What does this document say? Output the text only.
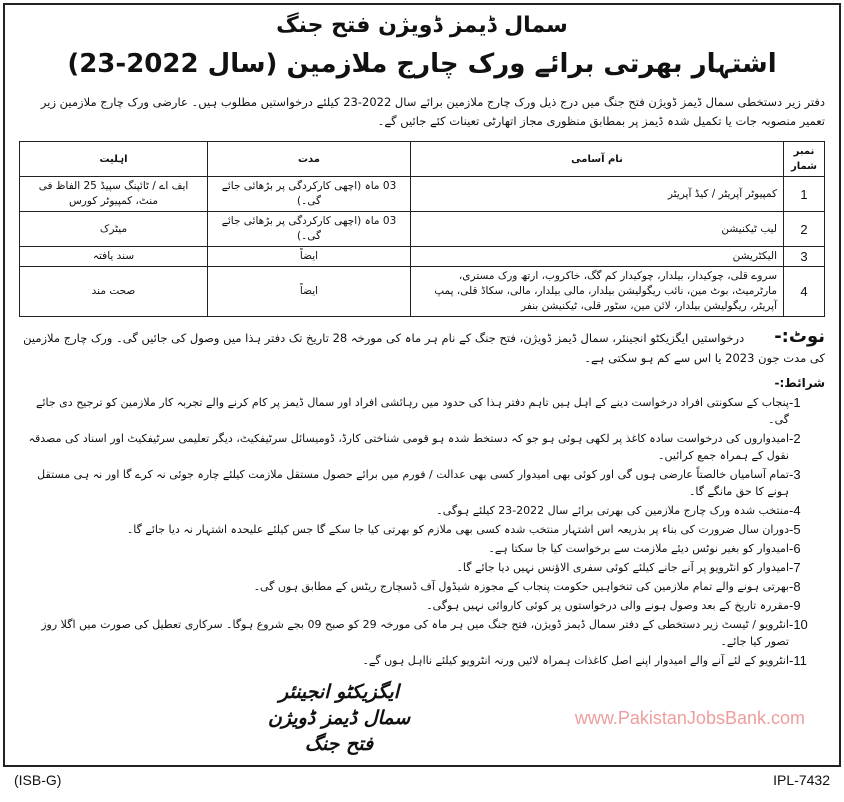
سمال ڈیمز ڈویژن فتح جنگ
اشتہار بھرتی برائے ورک چارج ملازمین (سال 2022-23)
دفتر زیر دستخطی سمال ڈیمز ڈویژن فتح جنگ میں درج ذیل ورک چارج ملازمین برائے سال 2022-23 کیلئے درخواستیں مطلوب ہیں۔ عارضی ورک چارج ملازمین زیر تعمیر منصوبہ جات یا تکمیل شدہ ڈیمز پر بمطابق منظوری مجاز اتھارٹی تعینات کئے جائیں گے۔
نمبر شمار	نام آسامی	مدت	اہلیت
1	کمپیوٹر آپریٹر / کیڈ آپریٹر	03 ماہ (اچھی کارکردگی پر بڑھائی جائے گی۔)	ایف اے / ٹائپنگ سپیڈ 25 الفاظ فی منٹ، کمپیوٹر کورس
2	لیب ٹیکنیشن	03 ماہ (اچھی کارکردگی پر بڑھائی جائے گی۔)	میٹرک
3	الیکٹریشن	ایضاً	سند یافتہ
4	سروے قلی، چوکیدار، بیلدار، چوکیدار کم گگ، خاکروب، ارتھ ورک مستری، مارٹرمیٹ، بوٹ مین، نائب ریگولیشن بیلدار، مالی بیلدار، مالی، سکاڈ قلی، پمپ آپریٹر، ریگولیشن بیلدار، لائن مین، سٹور قلی، ٹیکنیشن بنفر	ایضاً	صحت مند
نوٹ:-درخواستیں ایگزیکٹو انجینئر، سمال ڈیمز ڈویژن، فتح جنگ کے نام ہر ماہ کی مورخہ 28 تاریخ تک دفتر ہذا میں وصول کی جائیں گی۔ ورک چارج ملازمین کی مدت جون 2023 یا اس سے کم ہو سکتی ہے۔
شرائط:-
-1
پنجاب کے سکونتی افراد درخواست دینے کے اہل ہیں تاہم دفتر ہذا کی حدود میں رہائشی افراد اور سمال ڈیمز پر کام کرنے والے تجربہ کار ملازمین کو ترجیح دی جائے گی۔
-2
امیدواروں کی درخواست سادہ کاغذ پر لکھی ہوئی ہو جو کہ دستخط شدہ ہو قومی شناختی کارڈ، ڈومیسائل سرٹیفکیٹ، دیگر تعلیمی سرٹیفکیٹ اور اسناد کی مصدقہ نقول کے ہمراہ جمع کرائیں۔
-3
تمام آسامیاں خالصتاً عارضی ہوں گی اور کوئی بھی امیدوار کسی بھی عدالت / فورم میں برائے حصول مستقل ملازمت کیلئے چارہ جوئی نہ کرے گا اور نہ ہی مستقل ہونے کا حق مانگے گا۔
-4
منتخب شدہ ورک چارج ملازمین کی بھرتی برائے سال 2022-23 کیلئے ہوگی۔
-5
دوران سال ضرورت کی بناء پر بذریعہ اس اشتہار منتخب شدہ کسی بھی ملازم کو بھرتی کیا جا سکے گا جس کیلئے علیحدہ اشتہار نہ دیا جائے گا۔
-6
امیدوار کو بغیر نوٹس دیئے ملازمت سے برخواست کیا جا سکتا ہے۔
-7
امیدوار کو انٹرویو پر آنے جانے کیلئے کوئی سفری الاؤنس نہیں دیا جائے گا۔
-8
بھرتی ہونے والے تمام ملازمین کی تنخواہیں حکومت پنجاب کے مجوزہ شیڈول آف ڈسچارج ریٹس کے مطابق ہوں گی۔
-9
مقررہ تاریخ کے بعد وصول ہونے والی درخواستوں پر کوئی کاروائی نہیں ہوگی۔
-10
انٹرویو / ٹیسٹ زیر دستخطی کے دفتر سمال ڈیمز ڈویژن، فتح جنگ میں ہر ماہ کی مورخہ 29 کو صبح 09 بجے شروع ہوگا۔ سرکاری تعطیل کی صورت میں اگلا روز تصور کیا جائے۔
-11
انٹرویو کے لئے آنے والے امیدوار اپنے اصل کاغذات ہمراہ لائیں ورنہ انٹرویو کیلئے نااہل ہوں گے۔
ایگزیکٹو انجینئر
سمال ڈیمز ڈویژن
فتح جنگ
www.PakistanJobsBank.com
(ISB-G)	IPL-7432
